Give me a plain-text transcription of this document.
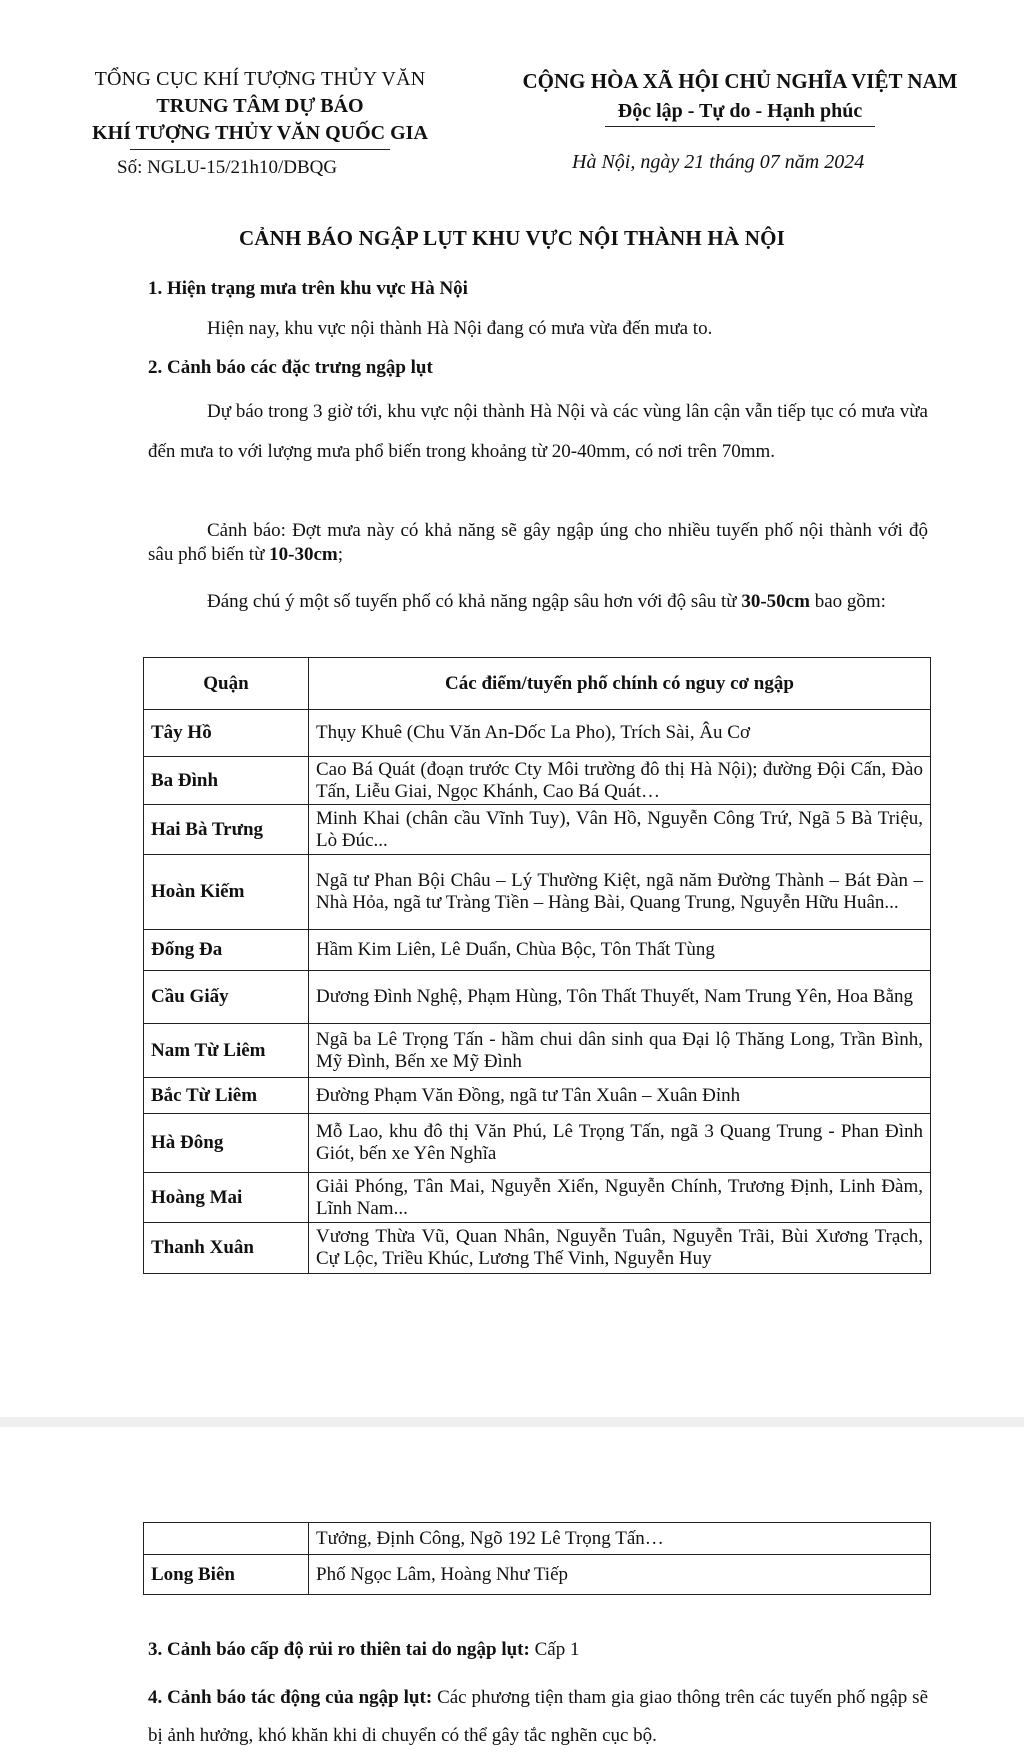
TỔNG CỤC KHÍ TƯỢNG THỦY VĂN
TRUNG TÂM DỰ BÁO
KHÍ TƯỢNG THỦY VĂN QUỐC GIA
Số: NGLU-15/21h10/DBQG
CỘNG HÒA XÃ HỘI CHỦ NGHĨA VIỆT NAM
Độc lập - Tự do - Hạnh phúc
Hà Nội, ngày 21 tháng 07 năm 2024
CẢNH BÁO NGẬP LỤT KHU VỰC NỘI THÀNH HÀ NỘI
1. Hiện trạng mưa trên khu vực Hà Nội
Hiện nay, khu vực nội thành Hà Nội đang có mưa vừa đến mưa to.
2. Cảnh báo các đặc trưng ngập lụt
Dự báo trong 3 giờ tới, khu vực nội thành Hà Nội và các vùng lân cận vẫn tiếp tục có mưa vừa đến mưa to với lượng mưa phổ biến trong khoảng từ 20-40mm, có nơi trên 70mm.
Cảnh báo: Đợt mưa này có khả năng sẽ gây ngập úng cho nhiều tuyến phố nội thành với độ sâu phổ biến từ 10-30cm;
Đáng chú ý một số tuyến phố có khả năng ngập sâu hơn với độ sâu từ 30-50cm bao gồm:
Quận	Các điểm/tuyến phố chính có nguy cơ ngập
Tây Hồ	Thụy Khuê (Chu Văn An-Dốc La Pho), Trích Sài, Âu Cơ
Ba Đình	Cao Bá Quát (đoạn trước Cty Môi trường đô thị Hà Nội); đường Đội Cấn, Đào Tấn, Liễu Giai, Ngọc Khánh, Cao Bá Quát…
Hai Bà Trưng	Minh Khai (chân cầu Vĩnh Tuy), Vân Hồ, Nguyễn Công Trứ, Ngã 5 Bà Triệu, Lò Đúc...
Hoàn Kiếm	Ngã tư Phan Bội Châu – Lý Thường Kiệt, ngã năm Đường Thành – Bát Đàn – Nhà Hỏa, ngã tư Tràng Tiền – Hàng Bài, Quang Trung, Nguyễn Hữu Huân...
Đống Đa	Hầm Kim Liên, Lê Duẩn, Chùa Bộc, Tôn Thất Tùng
Cầu Giấy	Dương Đình Nghệ, Phạm Hùng, Tôn Thất Thuyết, Nam Trung Yên, Hoa Bằng
Nam Từ Liêm	Ngã ba Lê Trọng Tấn - hầm chui dân sinh qua Đại lộ Thăng Long, Trần Bình, Mỹ Đình, Bến xe Mỹ Đình
Bắc Từ Liêm	Đường Phạm Văn Đồng, ngã tư Tân Xuân – Xuân Đỉnh
Hà Đông	Mỗ Lao, khu đô thị Văn Phú, Lê Trọng Tấn, ngã 3 Quang Trung - Phan Đình Giót, bến xe Yên Nghĩa
Hoàng Mai	Giải Phóng, Tân Mai, Nguyễn Xiển, Nguyễn Chính, Trương Định, Linh Đàm, Lĩnh Nam...
Thanh Xuân	Vương Thừa Vũ, Quan Nhân, Nguyễn Tuân, Nguyễn Trãi, Bùi Xương Trạch, Cự Lộc, Triều Khúc, Lương Thế Vinh, Nguyễn Huy
	Tưởng, Định Công, Ngõ 192 Lê Trọng Tấn…
Long Biên	Phố Ngọc Lâm, Hoàng Như Tiếp
3. Cảnh báo cấp độ rủi ro thiên tai do ngập lụt: Cấp 1
4. Cảnh báo tác động của ngập lụt: Các phương tiện tham gia giao thông trên các tuyến phố ngập sẽ bị ảnh hưởng, khó khăn khi di chuyển có thể gây tắc nghẽn cục bộ.
